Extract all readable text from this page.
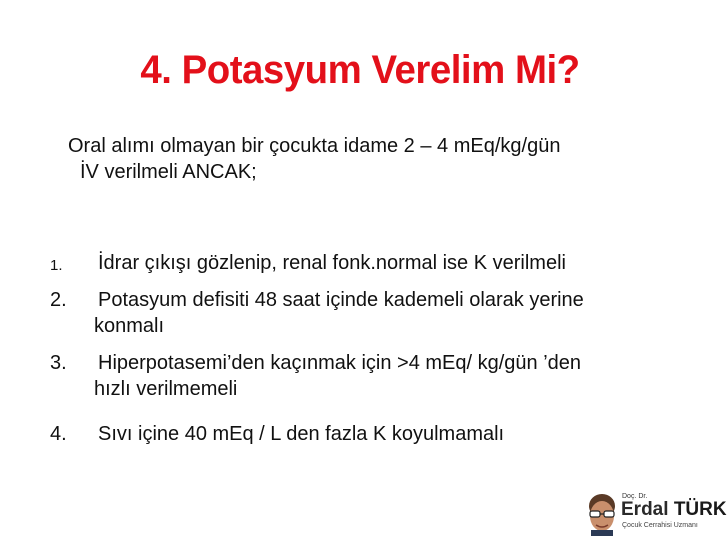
4. Potasyum Verelim Mi?
Oral alımı olmayan bir çocukta idame 2 – 4 mEq/kg/gün
İV verilmeli ANCAK;
1. İdrar çıkışı gözlenip, renal fonk.normal ise K verilmeli
2. Potasyum defisiti 48 saat içinde kademeli olarak yerine
konmalı
3. Hiperpotasemi’den kaçınmak için >4 mEq/ kg/gün ’den
hızlı verilmemeli
4. Sıvı içine 40 mEq / L den fazla K koyulmamalı
Doç. Dr.
Erdal TÜRK
Çocuk Cerrahisi Uzmanı
